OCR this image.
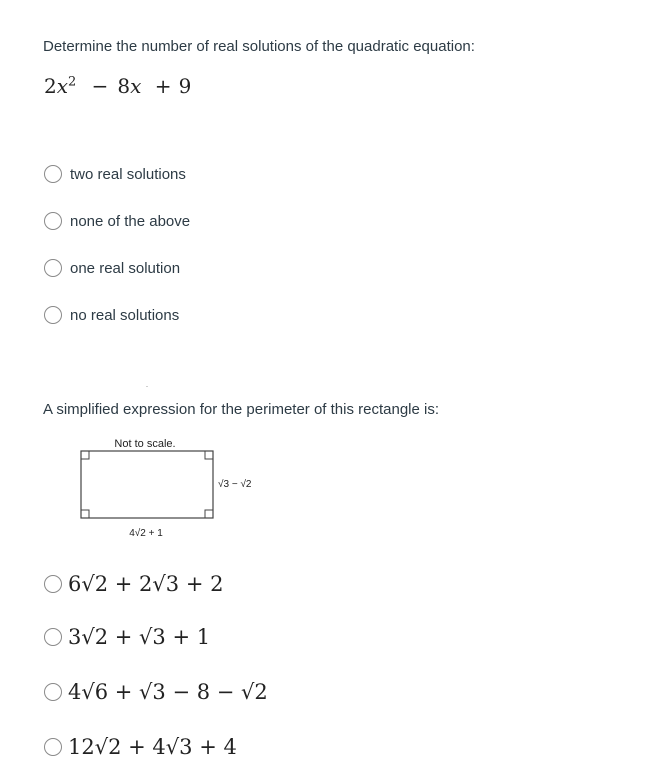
Determine the number of real solutions of the quadratic equation:
$2x^2 - 8x + 9$
two real solutions
none of the above
one real solution
no real solutions
A simplified expression for the perimeter of this rectangle is:
Not to scale.
√3 − √2
4√2 + 1
6√2 + 2√3 + 2
3√2 + √3 + 1
4√6 + √3 − 8 − √2
12√2 + 4√3 + 4
